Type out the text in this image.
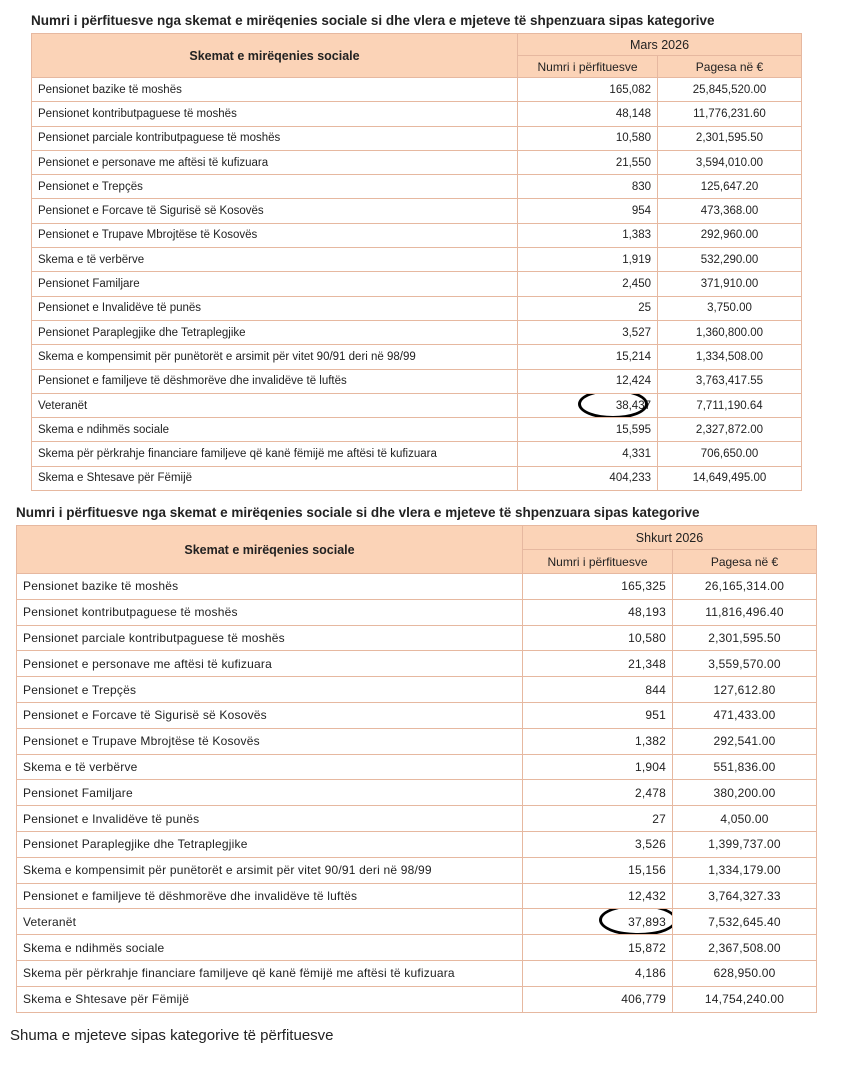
Numri i përfituesve nga skemat e mirëqenies sociale si dhe vlera e mjeteve të shpenzuara sipas kategorive
Skemat e mirëqenies sociale	Mars 2026	
	Numri i përfituesve	Pagesa në €
Pensionet bazike të moshës	165,082	25,845,520.00
Pensionet kontributpaguese të moshës	48,148	11,776,231.60
Pensionet parciale kontributpaguese të moshës	10,580	2,301,595.50
Pensionet e personave me aftësi të kufizuara	21,550	3,594,010.00
Pensionet e Trepçës	830	125,647.20
Pensionet e Forcave të Sigurisë së Kosovës	954	473,368.00
Pensionet e Trupave Mbrojtëse të Kosovës	1,383	292,960.00
Skema e të verbërve	1,919	532,290.00
Pensionet Familjare	2,450	371,910.00
Pensionet e Invalidëve të punës	25	3,750.00
Pensionet Paraplegjike dhe Tetraplegjike	3,527	1,360,800.00
Skema e kompensimit për punëtorët e arsimit për vitet 90/91 deri në 98/99	15,214	1,334,508.00
Pensionet e familjeve të dëshmorëve dhe invalidëve të luftës	12,424	3,763,417.55
Veteranët	38,437	7,711,190.64
Skema e ndihmës sociale	15,595	2,327,872.00
Skema për përkrahje financiare familjeve që kanë fëmijë me aftësi të kufizuara	4,331	706,650.00
Skema e Shtesave për Fëmijë	404,233	14,649,495.00
Numri i përfituesve nga skemat e mirëqenies sociale si dhe vlera e mjeteve të shpenzuara sipas kategorive
Skemat e mirëqenies sociale	Shkurt 2026	
	Numri i përfituesve	Pagesa në €
Pensionet bazike të moshës	165,325	26,165,314.00
Pensionet kontributpaguese të moshës	48,193	11,816,496.40
Pensionet parciale kontributpaguese të moshës	10,580	2,301,595.50
Pensionet e personave me aftësi të kufizuara	21,348	3,559,570.00
Pensionet e Trepçës	844	127,612.80
Pensionet e Forcave të Sigurisë së Kosovës	951	471,433.00
Pensionet e Trupave Mbrojtëse të Kosovës	1,382	292,541.00
Skema e të verbërve	1,904	551,836.00
Pensionet Familjare	2,478	380,200.00
Pensionet e Invalidëve të punës	27	4,050.00
Pensionet Paraplegjike dhe Tetraplegjike	3,526	1,399,737.00
Skema e kompensimit për punëtorët e arsimit për vitet 90/91 deri në 98/99	15,156	1,334,179.00
Pensionet e familjeve të dëshmorëve dhe invalidëve të luftës	12,432	3,764,327.33
Veteranët	37,893	7,532,645.40
Skema e ndihmës sociale	15,872	2,367,508.00
Skema për përkrahje financiare familjeve që kanë fëmijë me aftësi të kufizuara	4,186	628,950.00
Skema e Shtesave për Fëmijë	406,779	14,754,240.00
Shuma e mjeteve sipas kategorive të përfituesve
